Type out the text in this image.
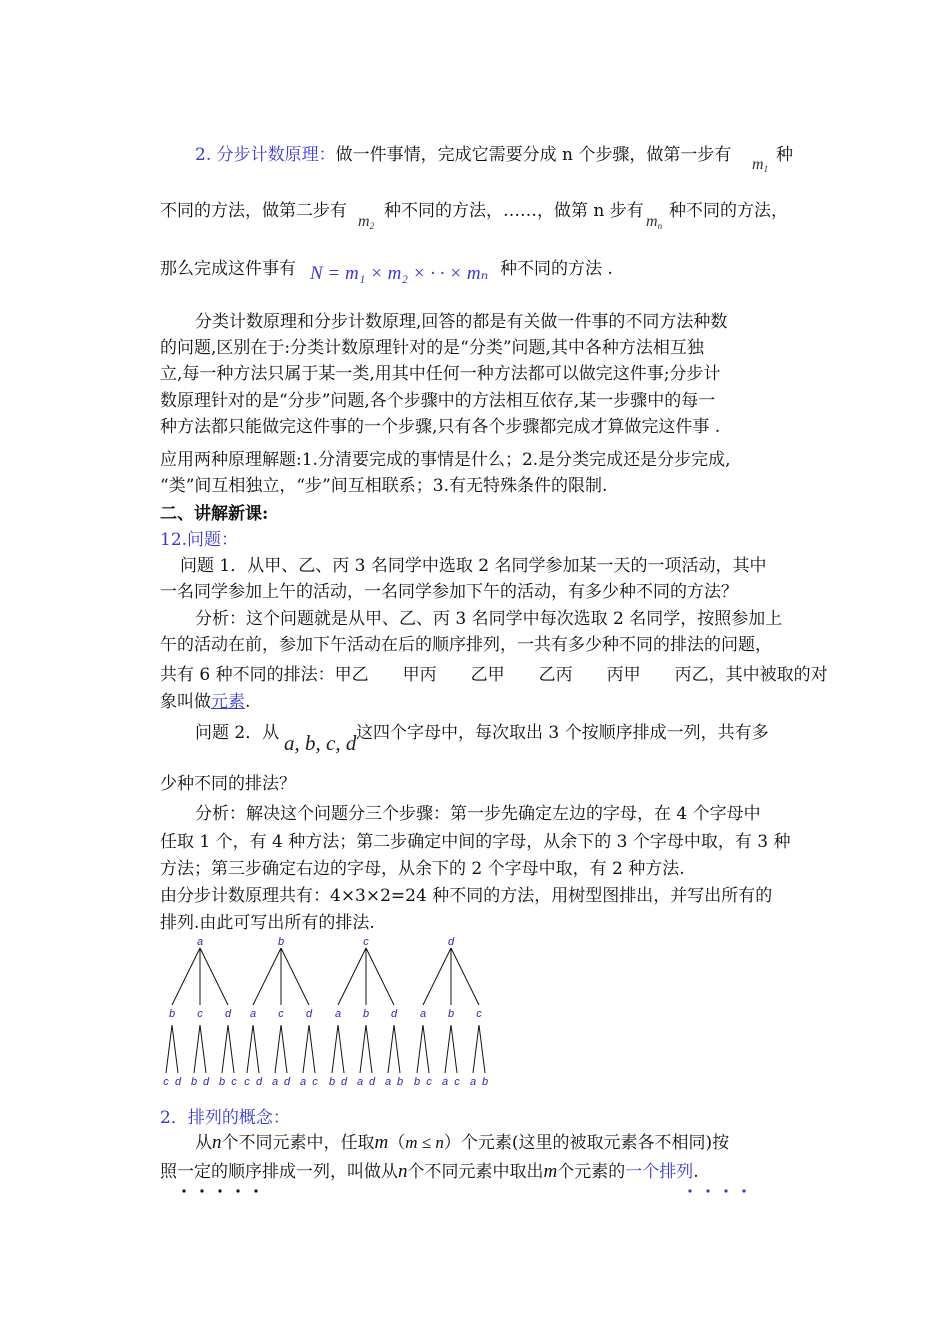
2. 分步计数原理：做一件事情，完成它需要分成 n 个步骤，做第一步有 $m_1$
种
不同的方法，做第二步有
$m_2$
种不同的方法，……，做第 n 步有
$m_n$
种不同的方法，
那么完成这件事有 N = m₁ × m₂ × · · × mₙ 种不同的方法 .
分类计数原理和分步计数原理,回答的都是有关做一件事的不同方法种数
的问题,区别在于:分类计数原理针对的是“分类”问题,其中各种方法相互独
立,每一种方法只属于某一类,用其中任何一种方法都可以做完这件事;分步计
数原理针对的是“分步”问题,各个步骤中的方法相互依存,某一步骤中的每一
种方法都只能做完这件事的一个步骤,只有各个步骤都完成才算做完这件事 .
应用两种原理解题:1.分清要完成的事情是什么；2.是分类完成还是分步完成,
“类”间互相独立，“步”间互相联系；3.有无特殊条件的限制.
二、讲解新课:
12.问题：
问题 1．从甲、乙、丙 3 名同学中选取 2 名同学参加某一天的一项活动，其中
一名同学参加上午的活动，一名同学参加下午的活动，有多少种不同的方法？
分析：这个问题就是从甲、乙、丙 3 名同学中每次选取 2 名同学，按照参加上
午的活动在前，参加下午活动在后的顺序排列，一共有多少种不同的排法的问题，
共有 6 种不同的排法：甲乙　　甲丙　　乙甲　　乙丙　　丙甲　　丙乙，其中被取的对
象叫做元素.
问题 2．从 a, b, c, d 这四个字母中，每次取出 3 个按顺序排成一列，共有多
少种不同的排法？
分析：解决这个问题分三个步骤：第一步先确定左边的字母，在 4 个字母中
任取 1 个，有 4 种方法；第二步确定中间的字母，从余下的 3 个字母中取，有 3 种
方法；第三步确定右边的字母，从余下的 2 个字母中取，有 2 种方法.
由分步计数原理共有：4×3×2=24 种不同的方法，用树型图排出，并写出所有的
排列.由此可写出所有的排法.
a
b
c d
c
b d
d
b c
b
a
c d
c
a d
d
a c
c
a
b d
b
a d
d
a b
d
a
b c
b
a c
c
a b
2．排列的概念：
从n个不同元素中，任取m（m ≤ n）个元素(这里的被取元素各不相同)按
照一定的顺序排成一列，叫做从n个不同元素中取出m个元素的一个排列.
